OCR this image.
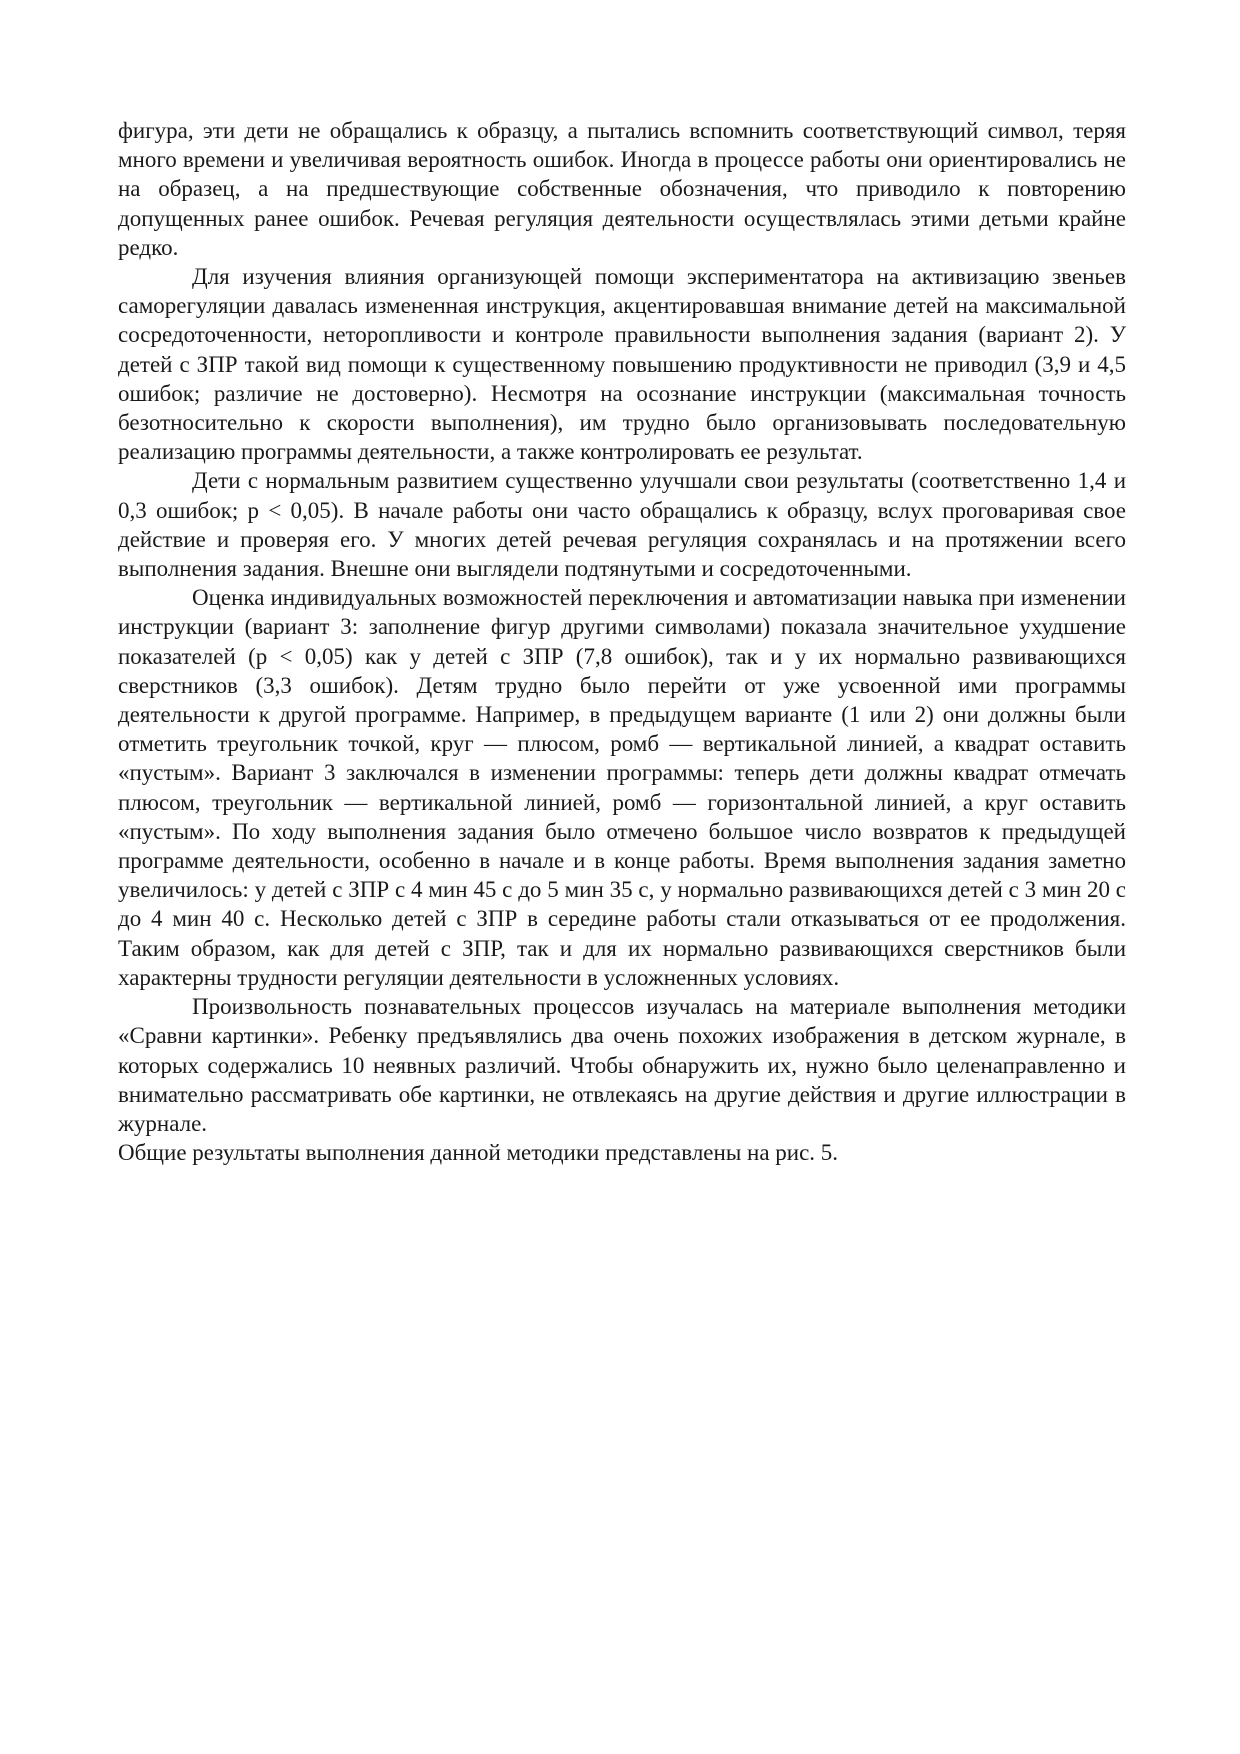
фигура, эти дети не обращались к образцу, а пытались вспомнить соответствующий символ, теряя много времени и увеличивая вероятность ошибок. Иногда в процессе работы они ориентировались не на образец, а на предшествующие собственные обозначения, что приводило к повторению допущенных ранее ошибок. Речевая регуляция деятельности осуществлялась этими детьми крайне редко.

Для изучения влияния организующей помощи экспериментатора на активизацию звеньев саморегуляции давалась измененная инструкция, акцентировавшая внимание детей на максимальной сосредоточенности, неторопливости и контроле правильности выполнения задания (вариант 2). У детей с ЗПР такой вид помощи к существенному повышению продуктивности не приводил (3,9 и 4,5 ошибок; различие не достоверно). Несмотря на осознание инструкции (максимальная точность безотносительно к скорости выполнения), им трудно было организовывать последовательную реализацию программы деятельности, а также контролировать ее результат.

Дети с нормальным развитием существенно улучшали свои результаты (соответственно 1,4 и 0,3 ошибок; р < 0,05). В начале работы они часто обращались к образцу, вслух проговаривая свое действие и проверяя его. У многих детей речевая регуляция сохранялась и на протяжении всего выполнения задания. Внешне они выглядели подтянутыми и сосредоточенными.

Оценка индивидуальных возможностей переключения и автоматизации навыка при изменении инструкции (вариант 3: заполнение фигур другими символами) показала значительное ухудшение показателей (р < 0,05) как у детей с ЗПР (7,8 ошибок), так и у их нормально развивающихся сверстников (3,3 ошибок). Детям трудно было перейти от уже усвоенной ими программы деятельности к другой программе. Например, в предыдущем варианте (1 или 2) они должны были отметить треугольник точкой, круг — плюсом, ромб — вертикальной линией, а квадрат оставить «пустым». Вариант 3 заключался в изменении программы: теперь дети должны квадрат отмечать плюсом, треугольник — вертикальной линией, ромб — горизонтальной линией, а круг оставить «пустым». По ходу выполнения задания было отмечено большое число возвратов к предыдущей программе деятельности, особенно в начале и в конце работы. Время выполнения задания заметно увеличилось: у детей с ЗПР с 4 мин 45 с до 5 мин 35 с, у нормально развивающихся детей с 3 мин 20 с до 4 мин 40 с. Несколько детей с ЗПР в середине работы стали отказываться от ее продолжения. Таким образом, как для детей с ЗПР, так и для их нормально развивающихся сверстников были характерны трудности регуляции деятельности в усложненных условиях.

Произвольность познавательных процессов изучалась на материале выполнения методики «Сравни картинки». Ребенку предъявлялись два очень похожих изображения в детском журнале, в которых содержались 10 неявных различий. Чтобы обнаружить их, нужно было целенаправленно и внимательно рассматривать обе картинки, не отвлекаясь на другие действия и другие иллюстрации в журнале.

Общие результаты выполнения данной методики представлены на рис. 5.
